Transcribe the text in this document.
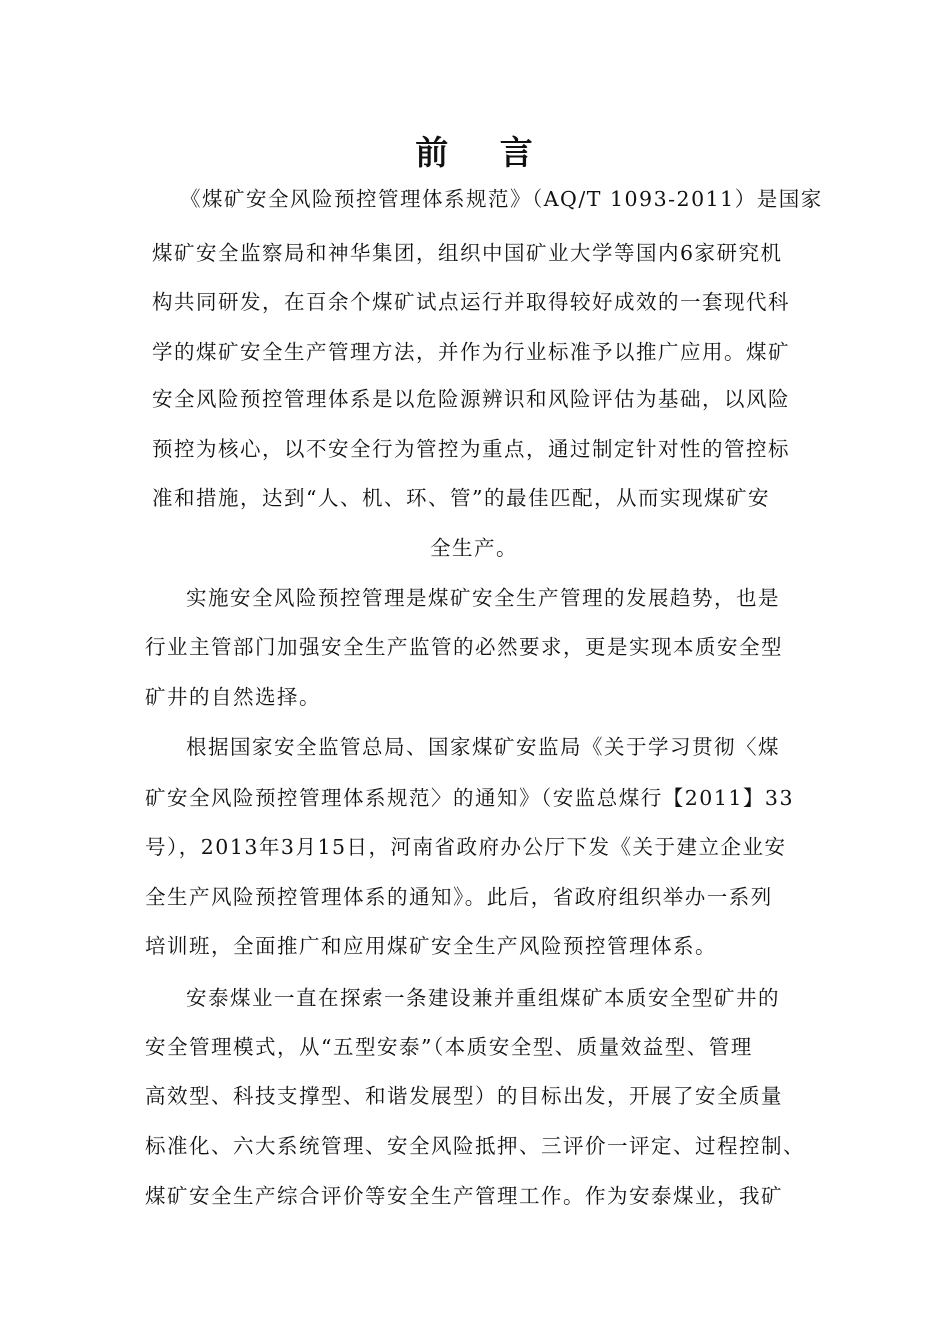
前 言
《煤矿安全风险预控管理体系规范》（AQ/T 1093-2011）是国家
煤矿安全监察局和神华集团，组织中国矿业大学等国内6家研究机
构共同研发，在百余个煤矿试点运行并取得较好成效的一套现代科
学的煤矿安全生产管理方法，并作为行业标准予以推广应用。煤矿
安全风险预控管理体系是以危险源辨识和风险评估为基础，以风险
预控为核心，以不安全行为管控为重点，通过制定针对性的管控标
准和措施，达到“人、机、环、管”的最佳匹配，从而实现煤矿安
全生产。
实施安全风险预控管理是煤矿安全生产管理的发展趋势，也是
行业主管部门加强安全生产监管的必然要求，更是实现本质安全型
矿井的自然选择。
根据国家安全监管总局、国家煤矿安监局《关于学习贯彻〈煤
矿安全风险预控管理体系规范〉的通知》（安监总煤行【2011】33
号），2013年3月15日，河南省政府办公厅下发《关于建立企业安
全生产风险预控管理体系的通知》。此后，省政府组织举办一系列
培训班，全面推广和应用煤矿安全生产风险预控管理体系。
安泰煤业一直在探索一条建设兼并重组煤矿本质安全型矿井的
安全管理模式，从“五型安泰”（本质安全型、质量效益型、管理
高效型、科技支撑型、和谐发展型）的目标出发，开展了安全质量
标准化、六大系统管理、安全风险抵押、三评价一评定、过程控制、
煤矿安全生产综合评价等安全生产管理工作。作为安泰煤业，我矿
